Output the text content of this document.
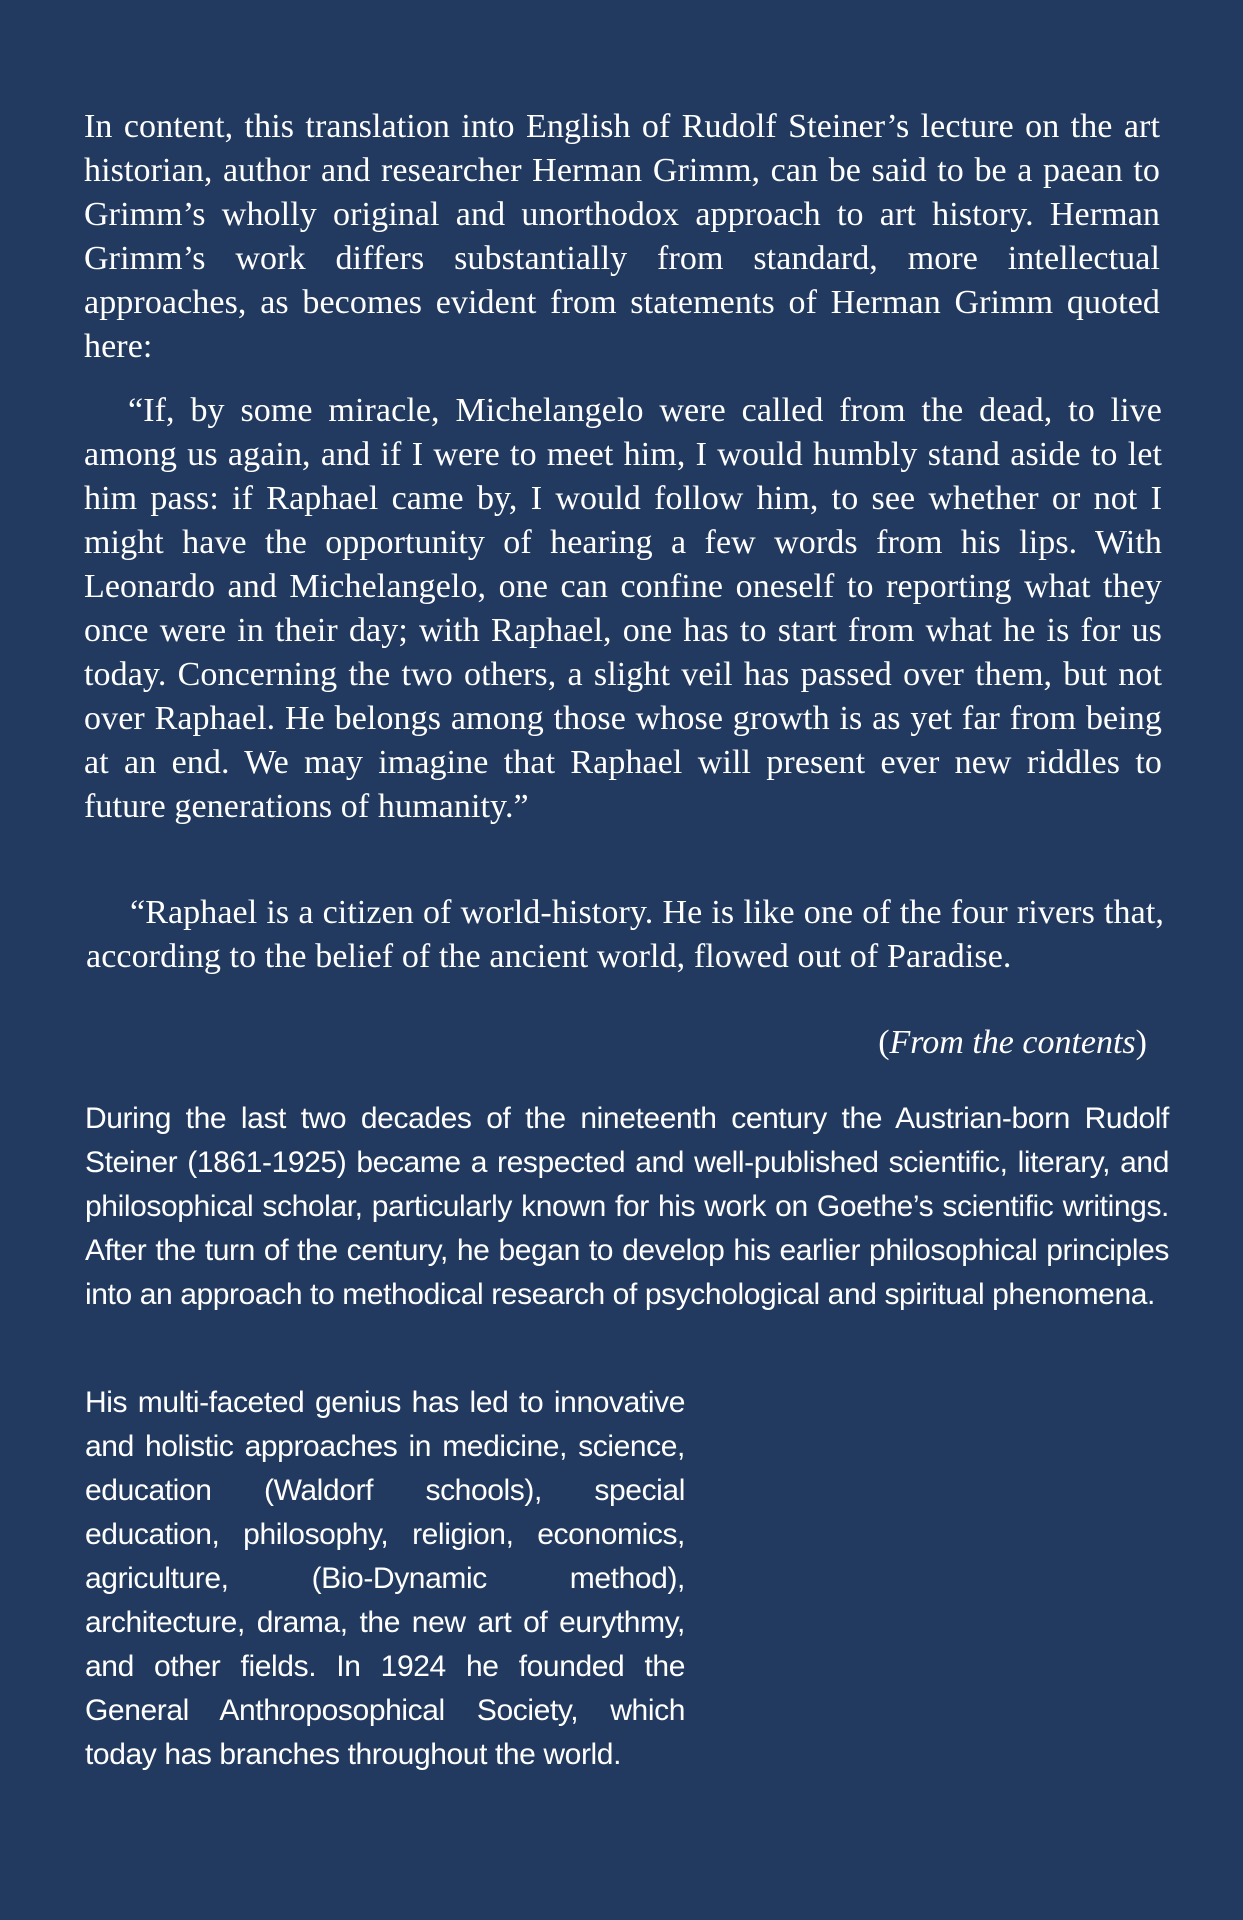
In content, this translation into English of Rudolf Steiner’s lecture on the art historian, author and researcher Herman Grimm, can be said to be a paean to Grimm’s wholly original and unorthodox approach to art history. Herman Grimm’s work differs substantially from standard, more intellectual approaches, as becomes evident from statements of Herman Grimm quoted here:

“If, by some miracle, Michelangelo were called from the dead, to live among us again, and if I were to meet him, I would humbly stand aside to let him pass: if Raphael came by, I would follow him, to see whether or not I might have the opportunity of hearing a few words from his lips. With Leonardo and Michelangelo, one can confine oneself to reporting what they once were in their day; with Raphael, one has to start from what he is for us today. Concerning the two others, a slight veil has passed over them, but not over Raphael. He belongs among those whose growth is as yet far from being at an end. We may imagine that Raphael will present ever new riddles to future generations of humanity.”

“Raphael is a citizen of world-history. He is like one of the four rivers that, according to the belief of the ancient world, flowed out of Paradise.

(From the contents)

During the last two decades of the nineteenth century the Austrian-born Rudolf Steiner (1861-1925) became a respected and well-published scientific, literary, and philosophical scholar, particularly known for his work on Goethe’s scientific writings. After the turn of the century, he began to develop his earlier philosophical principles into an approach to methodical research of psychological and spiritual phenomena.

His multi-faceted genius has led to innovative and holistic approaches in medicine, science, education (Waldorf schools), special education, philosophy, religion, economics, agriculture, (Bio-Dynamic method), architecture, drama, the new art of eurythmy, and other fields. In 1924 he founded the General Anthroposophical Society, which today has branches throughout the world.
